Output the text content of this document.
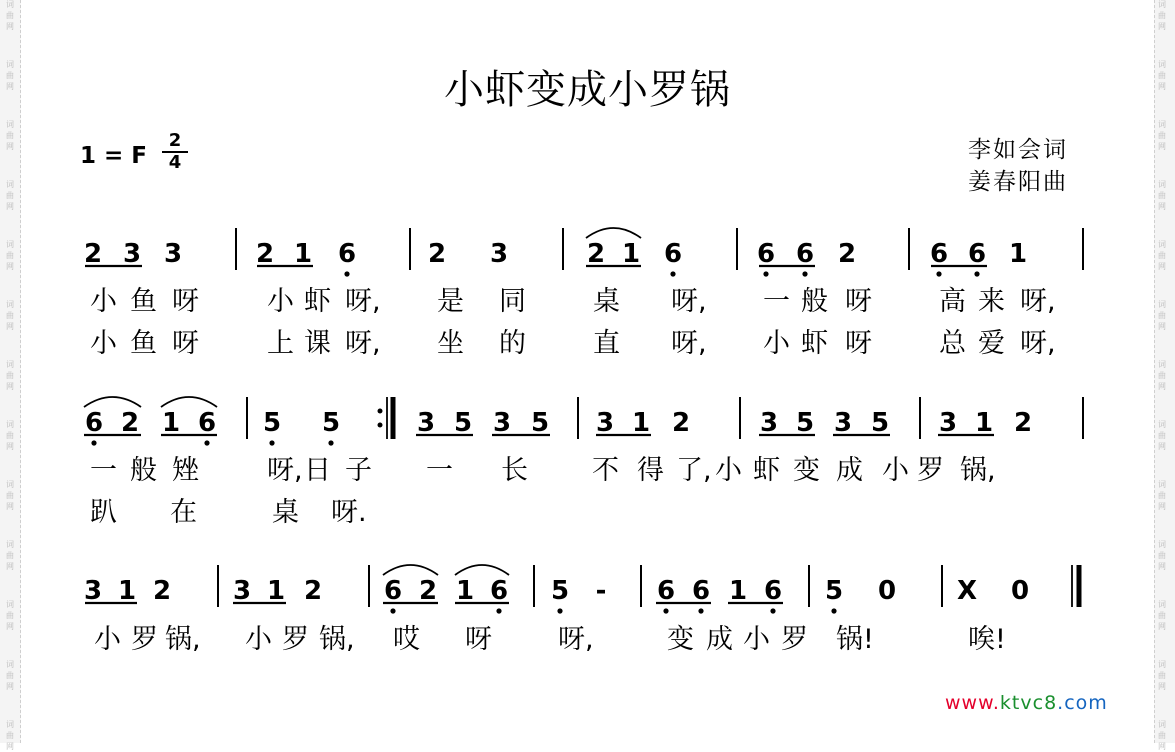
词
曲
网
词
曲
网
词
曲
网
词
曲
网
词
曲
网
词
曲
网
词
曲
网
词
曲
网
词
曲
网
词
曲
网
词
曲
网
词
曲
网
词
曲
网
词
曲
网
词
曲
网
词
曲
网
词
曲
网
词
曲
网
词
曲
网
词
曲
网
词
曲
网
词
曲
网
词
曲
网
词
曲
网
词
曲
网
词
曲
网
小虾变成小罗锅
1 = F
2
4	李如会词
姜春阳曲
2 3 3	2 1 6	2 3	2 1 6	6 6 2	6 6 1
小 鱼 呀	小 虾 呀, 是 同 桌 呀, 一 般 呀 高 来 呀,
小 鱼 呀	上 课 呀, 坐 的 直 呀, 小 虾 呀 总 爱 呀,
6 2 1 6 5 5	3 5 3 5 3 1 2	3 5 3 5 3 1 2
一 般 矬	呀, 日 子 一 长 不 得 了, 小 虾 变 成 小 罗 锅,
趴 在	桌 呀.
3 1 2 3 1 2 6 2 1 6 5 - 6 6 1 6 5 0 X 0
小 罗 锅, 小 罗 锅, 哎 呀 呀,	变 成 小 罗 锅!	唉!
www.ktvc8.com
